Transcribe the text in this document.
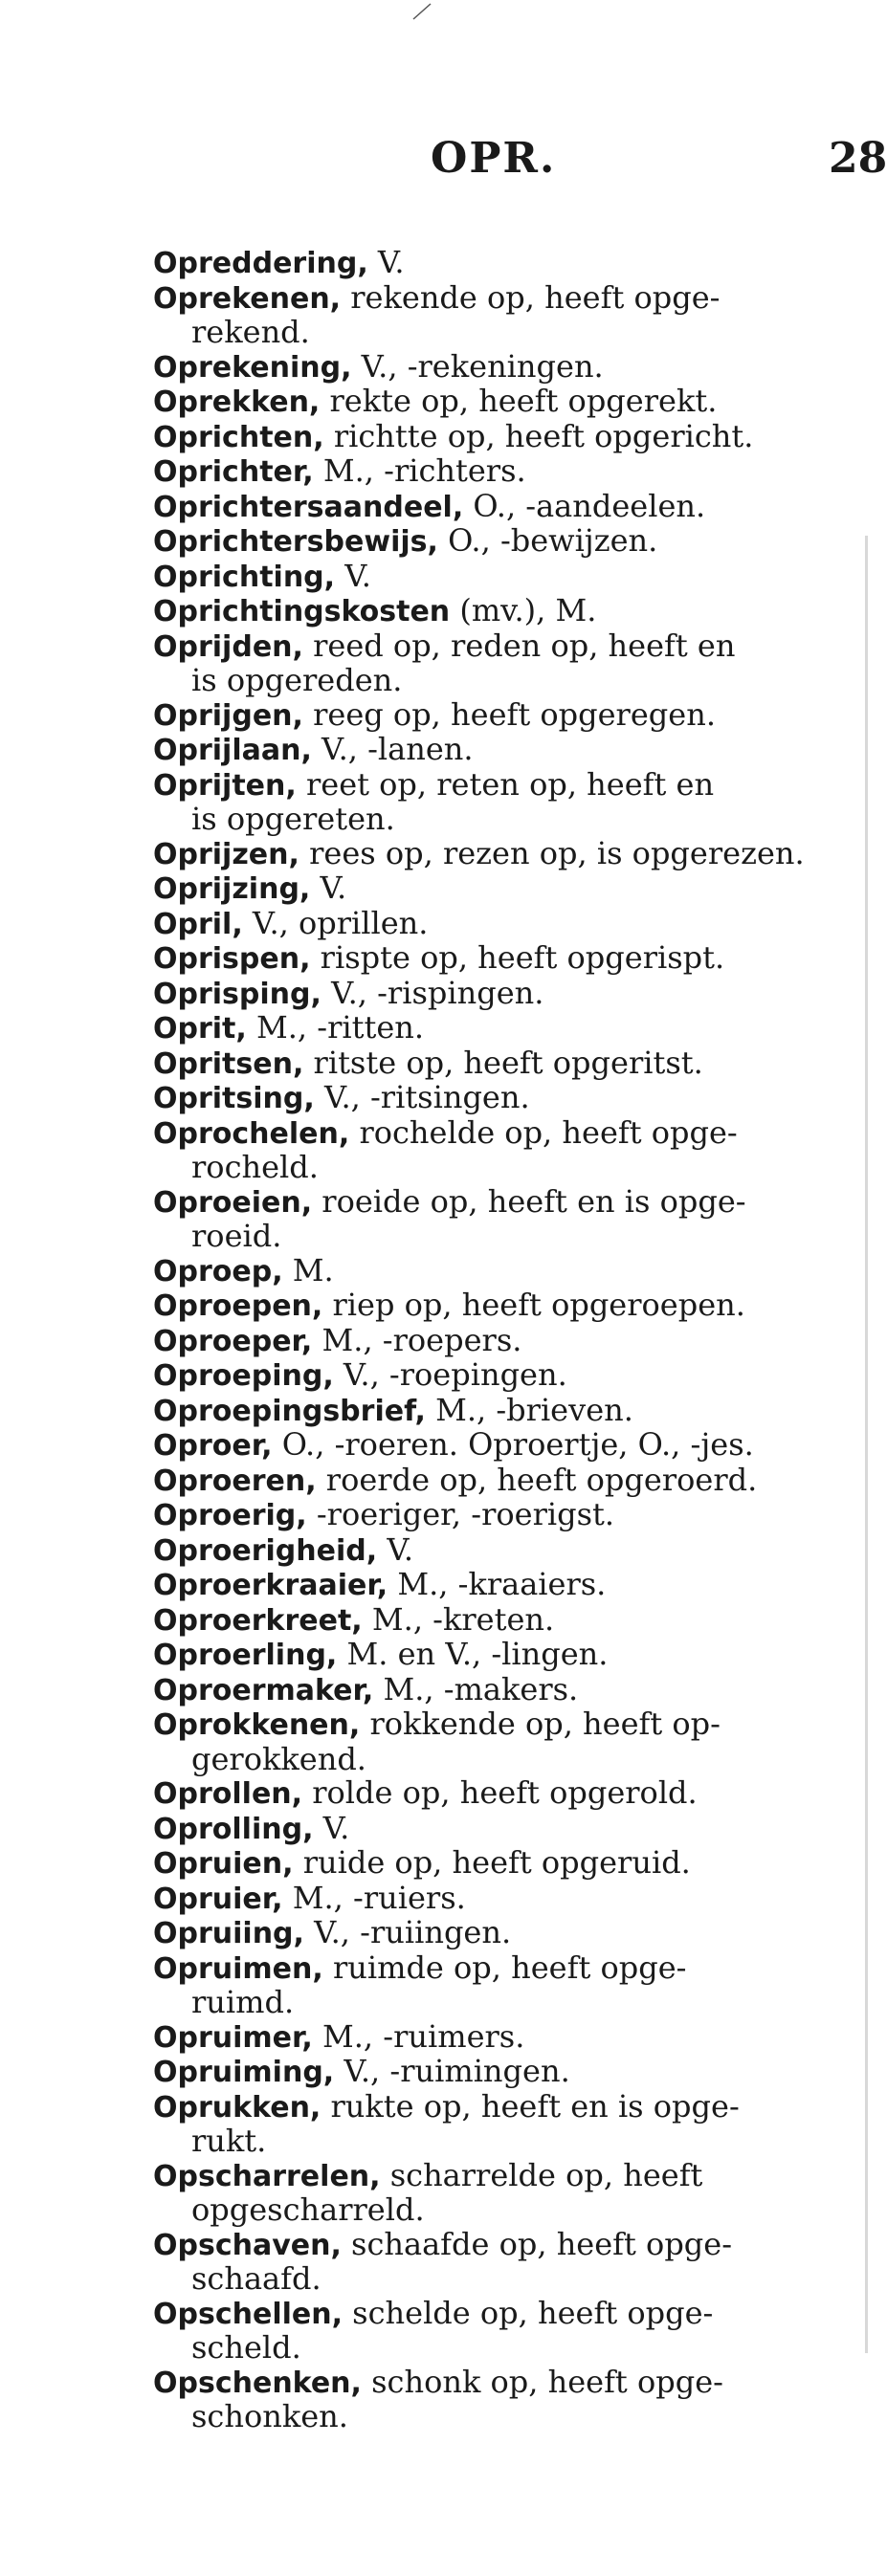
OPR.	28
Opreddering, V.
Oprekenen, rekende op, heeft opge-
rekend.
Oprekening, V., -rekeningen.
Oprekken, rekte op, heeft opgerekt.
Oprichten, richtte op, heeft opgericht.
Oprichter, M., -richters.
Oprichtersaandeel, O., -aandeelen.
Oprichtersbewijs, O., -bewijzen.
Oprichting, V.
Oprichtingskosten (mv.), M.
Oprijden, reed op, reden op, heeft en
is opgereden.
Oprijgen, reeg op, heeft opgeregen.
Oprijlaan, V., -lanen.
Oprijten, reet op, reten op, heeft en
is opgereten.
Oprijzen, rees op, rezen op, is opgerezen.
Oprijzing, V.
Opril, V., oprillen.
Oprispen, rispte op, heeft opgerispt.
Oprisping, V., -rispingen.
Oprit, M., -ritten.
Opritsen, ritste op, heeft opgeritst.
Opritsing, V., -ritsingen.
Oprochelen, rochelde op, heeft opge-
rocheld.
Oproeien, roeide op, heeft en is opge-
roeid.
Oproep, M.
Oproepen, riep op, heeft opgeroepen.
Oproeper, M., -roepers.
Oproeping, V., -roepingen.
Oproepingsbrief, M., -brieven.
Oproer, O., -roeren. Oproertje, O., -jes.
Oproeren, roerde op, heeft opgeroerd.
Oproerig, -roeriger, -roerigst.
Oproerigheid, V.
Oproerkraaier, M., -kraaiers.
Oproerkreet, M., -kreten.
Oproerling, M. en V., -lingen.
Oproermaker, M., -makers.
Oprokkenen, rokkende op, heeft op-
gerokkend.
Oprollen, rolde op, heeft opgerold.
Oprolling, V.
Opruien, ruide op, heeft opgeruid.
Opruier, M., -ruiers.
Opruiing, V., -ruiingen.
Opruimen, ruimde op, heeft opge-
ruimd.
Opruimer, M., -ruimers.
Opruiming, V., -ruimingen.
Oprukken, rukte op, heeft en is opge-
rukt.
Opscharrelen, scharrelde op, heeft
opgescharreld.
Opschaven, schaafde op, heeft opge-
schaafd.
Opschellen, schelde op, heeft opge-
scheld.
Opschenken, schonk op, heeft opge-
schonken.
